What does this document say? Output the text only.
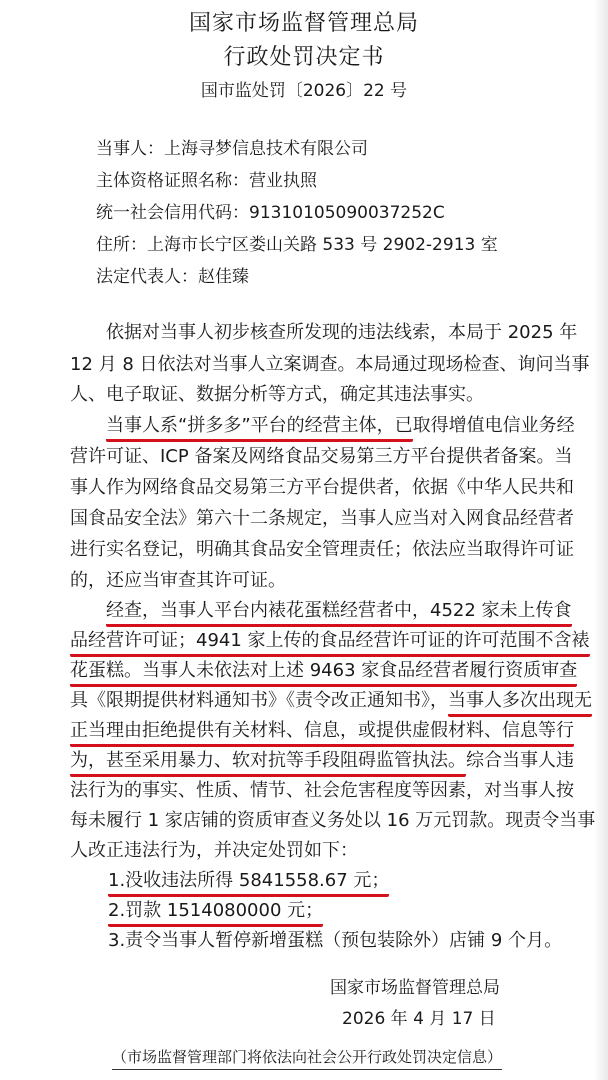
国家市场监督管理总局
行政处罚决定书
国市监处罚〔2026〕22 号
当事人：上海寻梦信息技术有限公司
主体资格证照名称：营业执照
统一社会信用代码：91310105090037252C
住所：上海市长宁区娄山关路 533 号 2902-2913 室
法定代表人：赵佳臻
依据对当事人初步核查所发现的违法线索，本局于 2025 年
12 月 8 日依法对当事人立案调查。本局通过现场检查、询问当事
人、电子取证、数据分析等方式，确定其违法事实。
当事人系“拼多多”平台的经营主体，已取得增值电信业务经
营许可证、ICP 备案及网络食品交易第三方平台提供者备案。当
事人作为网络食品交易第三方平台提供者，依据《中华人民共和
国食品安全法》第六十二条规定，当事人应当对入网食品经营者
进行实名登记，明确其食品安全管理责任；依法应当取得许可证
的，还应当审查其许可证。
经查，当事人平台内裱花蛋糕经营者中，4522 家未上传食
品经营许可证；4941 家上传的食品经营许可证的许可范围不含裱
花蛋糕。当事人未依法对上述 9463 家食品经营者履行资质审查
具《限期提供材料通知书》《责令改正通知书》，当事人多次出现无
正当理由拒绝提供有关材料、信息，或提供虚假材料、信息等行
为，甚至采用暴力、软对抗等手段阻碍监管执法。综合当事人违
法行为的事实、性质、情节、社会危害程度等因素，对当事人按
每未履行 1 家店铺的资质审查义务处以 16 万元罚款。现责令当事
人改正违法行为，并决定处罚如下：
1.没收违法所得 5841558.67 元；
2.罚款 1514080000 元；
3.责令当事人暂停新增蛋糕（预包装除外）店铺 9 个月。
国家市场监督管理总局
2026 年 4 月 17 日
（市场监督管理部门将依法向社会公开行政处罚决定信息）
